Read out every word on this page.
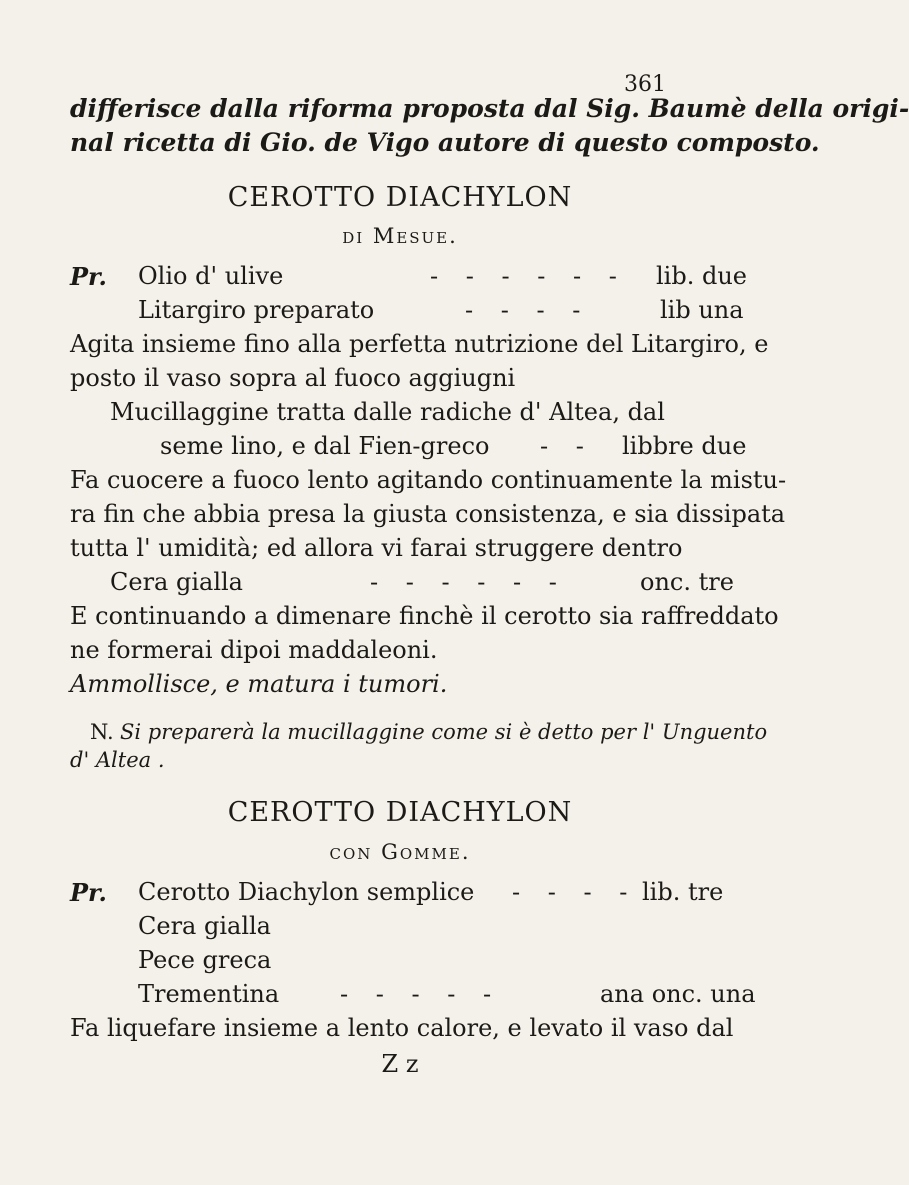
361
differisce dalla riforma proposta dal Sig. Baumè della origi-
nal ricetta di Gio. de Vigo autore di questo composto.
CEROTTO DIACHYLON
di Mesue.
Pr. Olio d' ulive	- - - - - - lib. due
Litargiro preparato	- - - -	lib una
Agita insieme fino alla perfetta nutrizione del Litargiro, e
posto il vaso sopra al fuoco aggiugni
Mucillaggine tratta dalle radiche d' Altea, dal
seme lino, e dal Fien-greco - - libbre due
Fa cuocere a fuoco lento agitando continuamente la mistu-
ra fin che abbia presa la giusta consistenza, e sia dissipata
tutta l' umidità; ed allora vi farai struggere dentro
Cera gialla	- - - - - -	onc. tre
E continuando a dimenare finchè il cerotto sia raffreddato
ne formerai dipoi maddaleoni.
Ammollisce, e matura i tumori.
N. Si preparerà la mucillaggine come si è detto per l' Unguento
d' Altea .
CEROTTO DIACHYLON
con Gomme.
Pr. Cerotto Diachylon semplice - - - - lib. tre
Cera gialla
Pece greca
Trementina	- - - - -	ana onc. una
Fa liquefare insieme a lento calore, e levato il vaso dal
Z z
